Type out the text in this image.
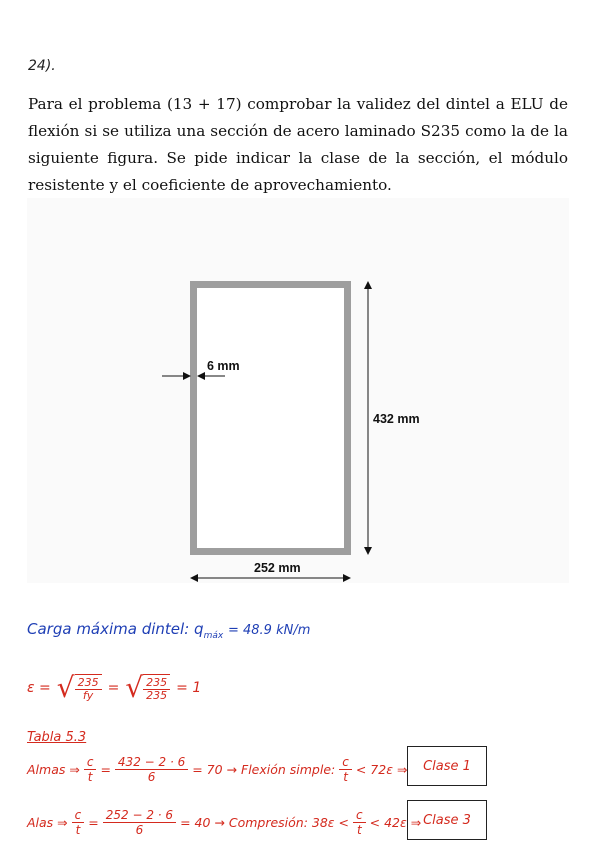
24).

Para el problema (13 + 17) comprobar la validez del dintel a ELU de flexión si se utiliza una sección de acero laminado S235 como la de la siguiente figura. Se pide indicar la clase de la sección, el módulo resistente y el coeficiente de aprovechamiento.

6 mm
432 mm
252 mm
Carga máxima dintel: $q_{máx} = 48.9$ kN/m
ε = √ $\frac{235}{fy}$ = √ $\frac{235}{235} = 1$
Tabla 5.3
Almas ⇒ $\frac{c}{t} = \frac{432 - 2 \cdot 6}{6} = 70$ → Flexión simple: $\frac{c}{t} < 72\varepsilon$ ⇒	Clase 1
Alas ⇒ $\frac{c}{t} = \frac{252 - 2 \cdot 6}{6} = 40$ → Compresión: $38\varepsilon < \frac{c}{t} < 42\varepsilon$ ⇒ Clase 3
